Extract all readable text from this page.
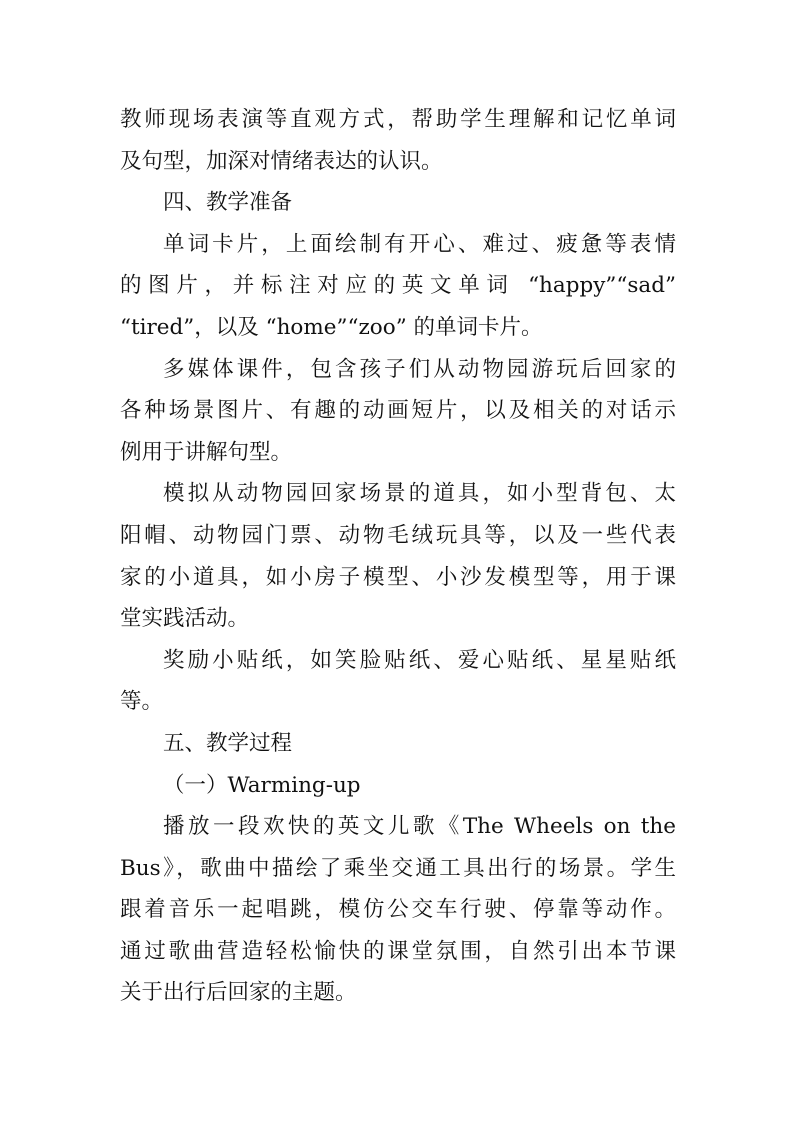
教师现场表演等直观方式，帮助学生理解和记忆单词
及句型，加深对情绪表达的认识。
四、教学准备
单词卡片，上面绘制有开心、难过、疲惫等表情
的图片，并标注对应的英文单词 “happy”“sad”
“tired”，以及 “home”“zoo” 的单词卡片。
多媒体课件，包含孩子们从动物园游玩后回家的
各种场景图片、有趣的动画短片，以及相关的对话示
例用于讲解句型。
模拟从动物园回家场景的道具，如小型背包、太
阳帽、动物园门票、动物毛绒玩具等，以及一些代表
家的小道具，如小房子模型、小沙发模型等，用于课
堂实践活动。
奖励小贴纸，如笑脸贴纸、爱心贴纸、星星贴纸
等。
五、教学过程
（一）Warming-up
播放一段欢快的英文儿歌《The Wheels on the
Bus》，歌曲中描绘了乘坐交通工具出行的场景。学生
跟着音乐一起唱跳，模仿公交车行驶、停靠等动作。
通过歌曲营造轻松愉快的课堂氛围，自然引出本节课
关于出行后回家的主题。
